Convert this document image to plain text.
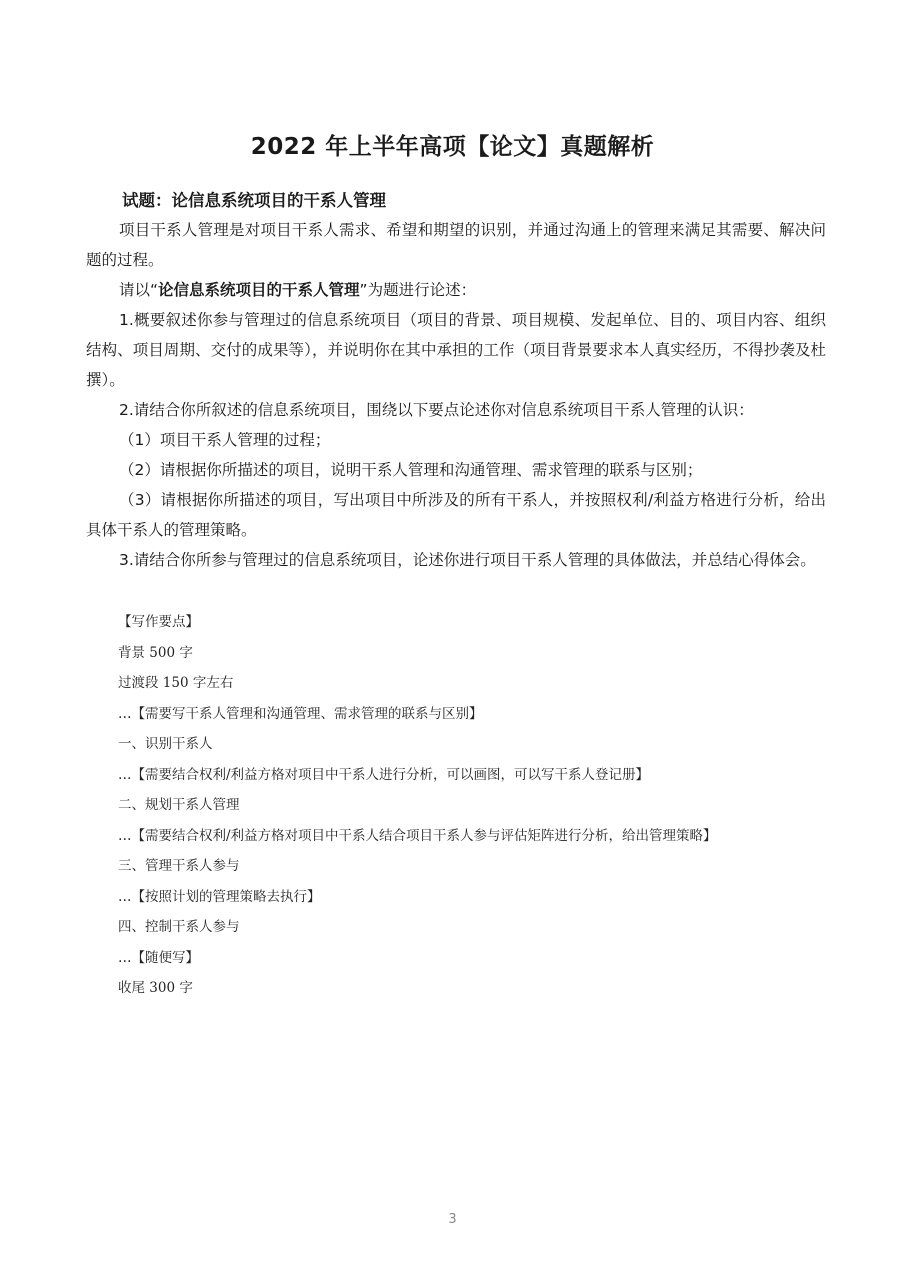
2022 年上半年高项【论文】真题解析
试题：论信息系统项目的干系人管理

项目干系人管理是对项目干系人需求、希望和期望的识别，并通过沟通上的管理来满足其需要、解决问题的过程。

请以“论信息系统项目的干系人管理”为题进行论述：

1.概要叙述你参与管理过的信息系统项目（项目的背景、项目规模、发起单位、目的、项目内容、组织结构、项目周期、交付的成果等），并说明你在其中承担的工作（项目背景要求本人真实经历，不得抄袭及杜撰）。

2.请结合你所叙述的信息系统项目，围绕以下要点论述你对信息系统项目干系人管理的认识：

（1）项目干系人管理的过程；

（2）请根据你所描述的项目，说明干系人管理和沟通管理、需求管理的联系与区别；

（3）请根据你所描述的项目，写出项目中所涉及的所有干系人，并按照权利/利益方格进行分析，给出具体干系人的管理策略。

3.请结合你所参与管理过的信息系统项目，论述你进行项目干系人管理的具体做法，并总结心得体会。

【写作要点】
背景 500 字
过渡段 150 字左右
…【需要写干系人管理和沟通管理、需求管理的联系与区别】
一、识别干系人
…【需要结合权利/利益方格对项目中干系人进行分析，可以画图，可以写干系人登记册】
二、规划干系人管理
…【需要结合权利/利益方格对项目中干系人结合项目干系人参与评估矩阵进行分析，给出管理策略】
三、管理干系人参与
…【按照计划的管理策略去执行】
四、控制干系人参与
…【随便写】
收尾 300 字
3
